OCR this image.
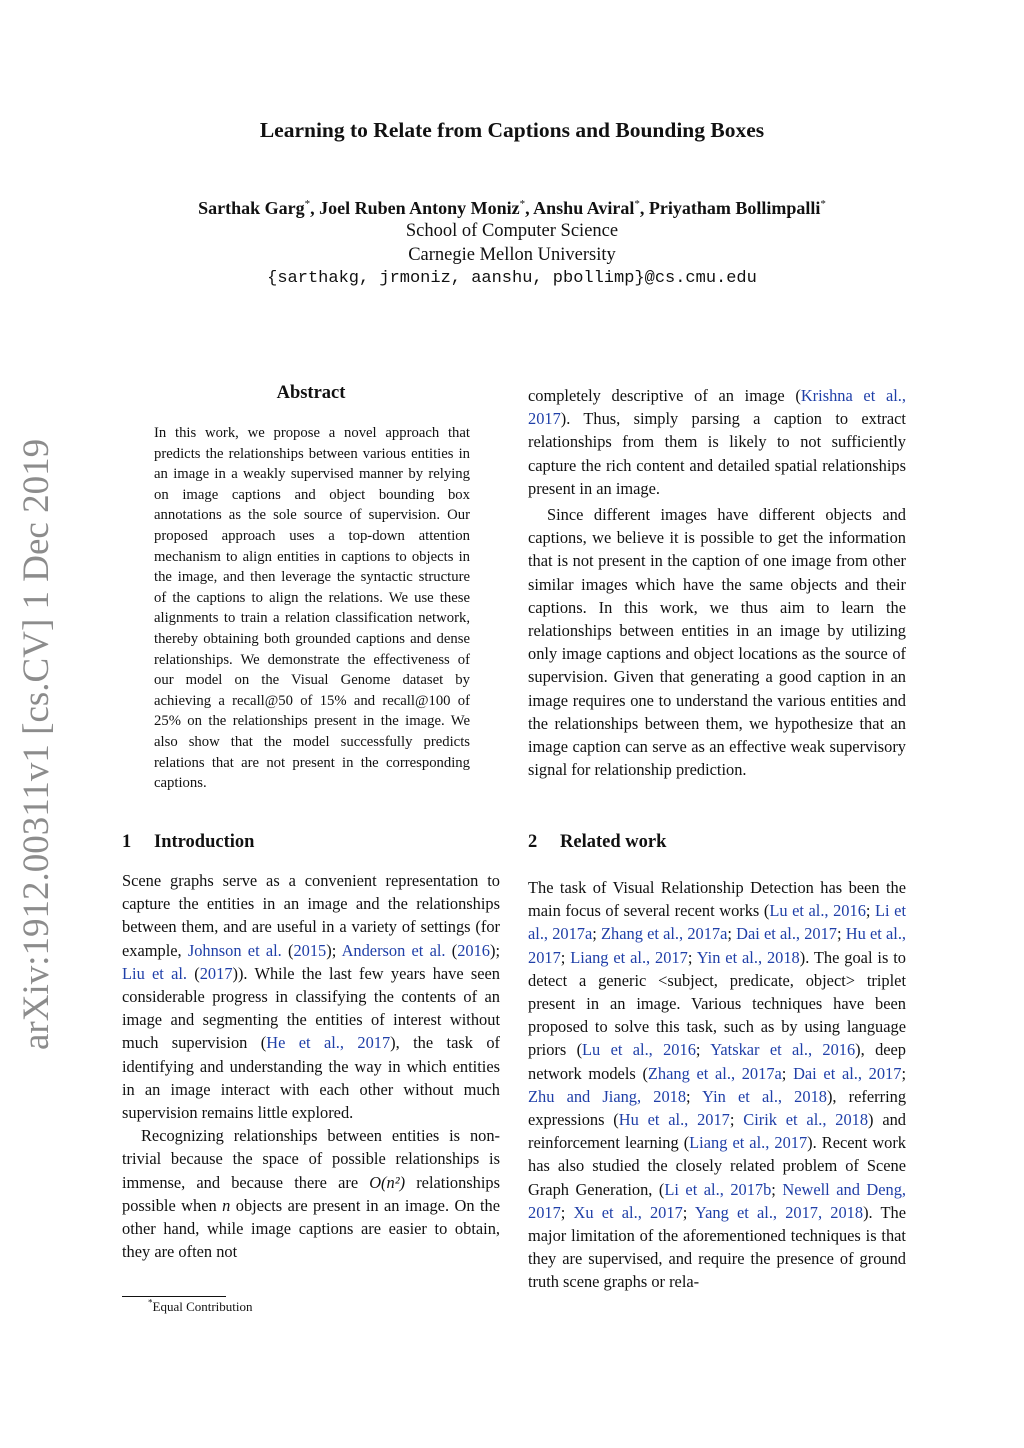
arXiv:1912.00311v1 [cs.CV] 1 Dec 2019
Learning to Relate from Captions and Bounding Boxes
Sarthak Garg*, Joel Ruben Antony Moniz*, Anshu Aviral*, Priyatham Bollimpalli*
School of Computer Science
Carnegie Mellon University
{sarthakg, jrmoniz, aanshu, pbollimp}@cs.cmu.edu
Abstract

In this work, we propose a novel approach that predicts the relationships between various entities in an image in a weakly supervised manner by relying on image captions and object bounding box annotations as the sole source of supervision. Our proposed approach uses a top-down attention mechanism to align entities in captions to objects in the image, and then leverage the syntactic structure of the captions to align the relations. We use these alignments to train a relation classification network, thereby obtaining both grounded captions and dense relationships. We demonstrate the effectiveness of our model on the Visual Genome dataset by achieving a recall@50 of 15% and recall@100 of 25% on the relationships present in the image. We also show that the model successfully predicts relations that are not present in the corresponding captions.

1 Introduction

Scene graphs serve as a convenient representation to capture the entities in an image and the relationships between them, and are useful in a variety of settings (for example, Johnson et al. (2015); Anderson et al. (2016); Liu et al. (2017)). While the last few years have seen considerable progress in classifying the contents of an image and segmenting the entities of interest without much supervision (He et al., 2017), the task of identifying and understanding the way in which entities in an image interact with each other without much supervision remains little explored.

Recognizing relationships between entities is non-trivial because the space of possible relationships is immense, and because there are O(n²) relationships possible when n objects are present in an image. On the other hand, while image captions are easier to obtain, they are often not

*Equal Contribution

completely descriptive of an image (Krishna et al., 2017). Thus, simply parsing a caption to extract relationships from them is likely to not sufficiently capture the rich content and detailed spatial relationships present in an image.

Since different images have different objects and captions, we believe it is possible to get the information that is not present in the caption of one image from other similar images which have the same objects and their captions. In this work, we thus aim to learn the relationships between entities in an image by utilizing only image captions and object locations as the source of supervision. Given that generating a good caption in an image requires one to understand the various entities and the relationships between them, we hypothesize that an image caption can serve as an effective weak supervisory signal for relationship prediction.

2 Related work

The task of Visual Relationship Detection has been the main focus of several recent works (Lu et al., 2016; Li et al., 2017a; Zhang et al., 2017a; Dai et al., 2017; Hu et al., 2017; Liang et al., 2017; Yin et al., 2018). The goal is to detect a generic <subject, predicate, object> triplet present in an image. Various techniques have been proposed to solve this task, such as by using language priors (Lu et al., 2016; Yatskar et al., 2016), deep network models (Zhang et al., 2017a; Dai et al., 2017; Zhu and Jiang, 2018; Yin et al., 2018), referring expressions (Hu et al., 2017; Cirik et al., 2018) and reinforcement learning (Liang et al., 2017). Recent work has also studied the closely related problem of Scene Graph Generation, (Li et al., 2017b; Newell and Deng, 2017; Xu et al., 2017; Yang et al., 2017, 2018). The major limitation of the aforementioned techniques is that they are supervised, and require the presence of ground truth scene graphs or rela-
